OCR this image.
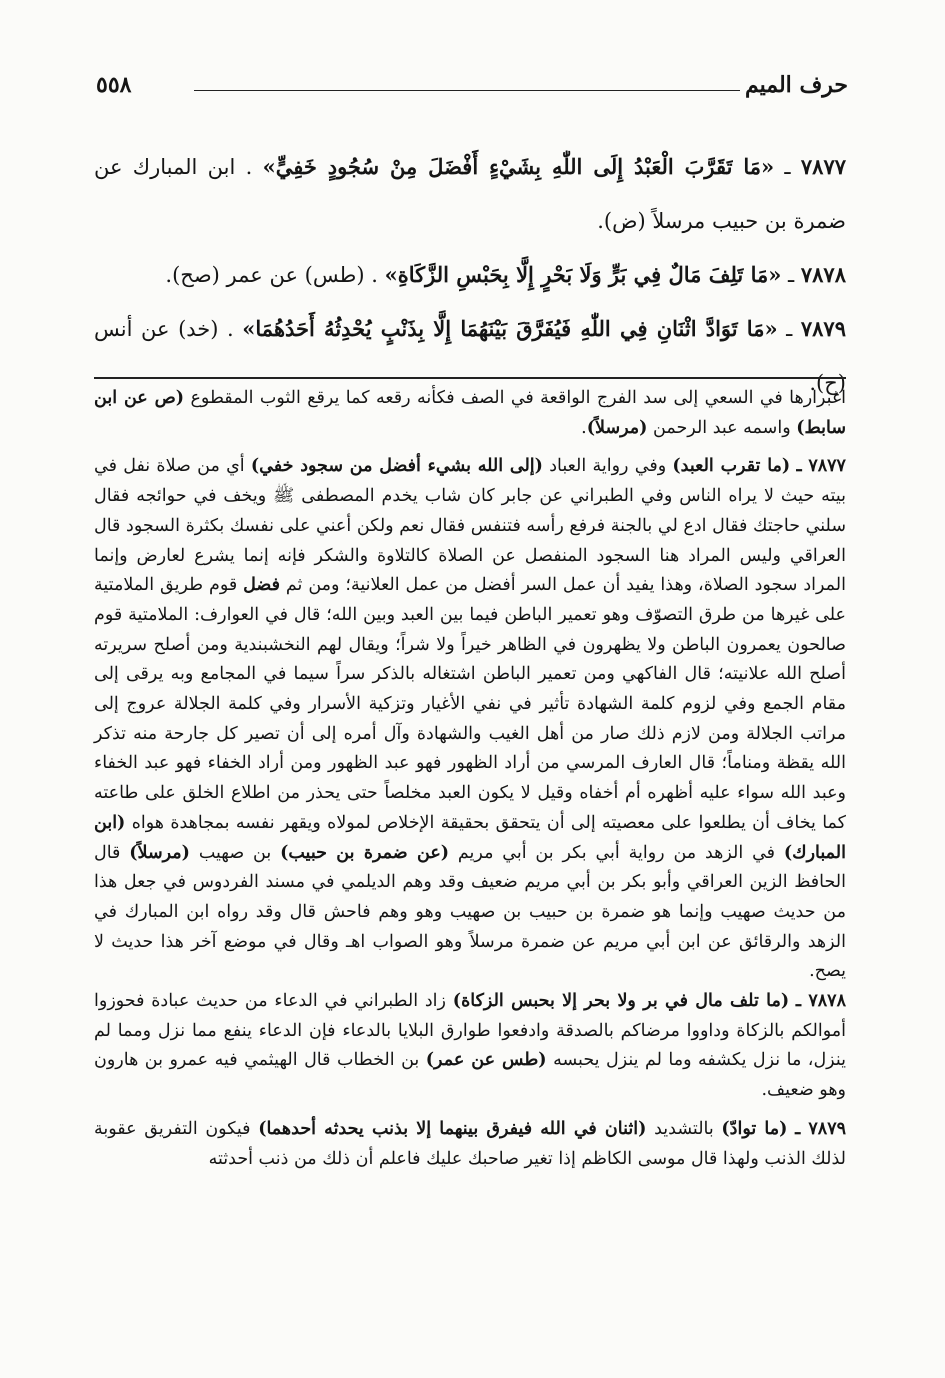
حرف الميم
٥٥٨

٧٨٧٧ ـ «مَا تَقَرَّبَ الْعَبْدُ إِلَى اللّٰهِ بِشَيْءٍ أَفْضَلَ مِنْ سُجُودٍ خَفِيٍّ» . ابن المبارك عن ضمرة بن حبيب مرسلاً (ض).

٧٨٧٨ ـ «مَا تَلِفَ مَالٌ فِي بَرٍّ وَلَا بَحْرٍ إِلَّا بِحَبْسِ الزَّكَاةِ» . (طس) عن عمر (صح).

٧٨٧٩ ـ «مَا تَوَادَّ اثْنَانِ فِي اللّٰهِ فَيُفَرَّقَ بَيْنَهُمَا إِلَّا بِذَنْبٍ يُحْدِثُهُ أَحَدُهُمَا» . (خد) عن أنس (ح).

اغبرارها في السعي إلى سد الفرج الواقعة في الصف فكأنه رقعه كما يرقع الثوب المقطوع (ص عن ابن سابط) واسمه عبد الرحمن (مرسلاً).

٧٨٧٧ ـ (ما تقرب العبد) وفي رواية العباد (إلى الله بشيء أفضل من سجود خفي) أي من صلاة نفل في بيته حيث لا يراه الناس وفي الطبراني عن جابر كان شاب يخدم المصطفى ﷺ ويخف في حوائجه فقال سلني حاجتك فقال ادع لي بالجنة فرفع رأسه فتنفس فقال نعم ولكن أعني على نفسك بكثرة السجود قال العراقي وليس المراد هنا السجود المنفصل عن الصلاة كالتلاوة والشكر فإنه إنما يشرع لعارض وإنما المراد سجود الصلاة، وهذا يفيد أن عمل السر أفضل من عمل العلانية؛ ومن ثم فضل قوم طريق الملامتية على غيرها من طرق التصوّف وهو تعمير الباطن فيما بين العبد وبين الله؛ قال في العوارف: الملامتية قوم صالحون يعمرون الباطن ولا يظهرون في الظاهر خيراً ولا شراً؛ ويقال لهم النخشبندية ومن أصلح سريرته أصلح الله علانيته؛ قال الفاكهي ومن تعمير الباطن اشتغاله بالذكر سراً سيما في المجامع وبه يرقى إلى مقام الجمع وفي لزوم كلمة الشهادة تأثير في نفي الأغيار وتزكية الأسرار وفي كلمة الجلالة عروج إلى مراتب الجلالة ومن لازم ذلك صار من أهل الغيب والشهادة وآل أمره إلى أن تصير كل جارحة منه تذكر الله يقظة ومناماً؛ قال العارف المرسي من أراد الظهور فهو عبد الظهور ومن أراد الخفاء فهو عبد الخفاء وعبد الله سواء عليه أظهره أم أخفاه وقيل لا يكون العبد مخلصاً حتى يحذر من اطلاع الخلق على طاعته كما يخاف أن يطلعوا على معصيته إلى أن يتحقق بحقيقة الإخلاص لمولاه ويقهر نفسه بمجاهدة هواه (ابن المبارك) في الزهد من رواية أبي بكر بن أبي مريم (عن ضمرة بن حبيب) بن صهيب (مرسلاً) قال الحافظ الزين العراقي وأبو بكر بن أبي مريم ضعيف وقد وهم الديلمي في مسند الفردوس في جعل هذا من حديث صهيب وإنما هو ضمرة بن حبيب بن صهيب وهو وهم فاحش قال وقد رواه ابن المبارك في الزهد والرقائق عن ابن أبي مريم عن ضمرة مرسلاً وهو الصواب اهـ وقال في موضع آخر هذا حديث لا يصح.

٧٨٧٨ ـ (ما تلف مال في بر ولا بحر إلا بحبس الزكاة) زاد الطبراني في الدعاء من حديث عبادة فحوزوا أموالكم بالزكاة وداووا مرضاكم بالصدقة وادفعوا طوارق البلايا بالدعاء فإن الدعاء ينفع مما نزل ومما لم ينزل، ما نزل يكشفه وما لم ينزل يحبسه (طس عن عمر) بن الخطاب قال الهيثمي فيه عمرو بن هارون وهو ضعيف.

٧٨٧٩ ـ (ما توادّ) بالتشديد (اثنان في الله فيفرق بينهما إلا بذنب يحدثه أحدهما) فيكون التفريق عقوبة لذلك الذنب ولهذا قال موسى الكاظم إذا تغير صاحبك عليك فاعلم أن ذلك من ذنب أحدثته
